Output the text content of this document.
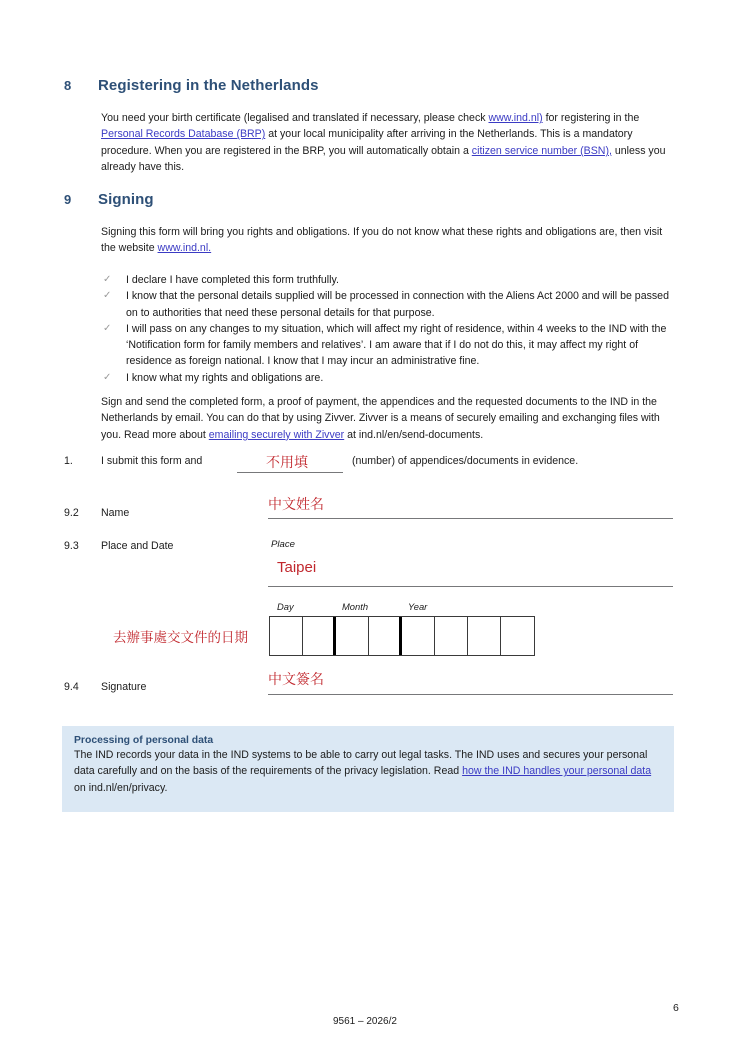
8	Registering in the Netherlands
You need your birth certificate (legalised and translated if necessary, please check www.ind.nl) for registering in the Personal Records Database (BRP) at your local municipality after arriving in the Netherlands. This is a mandatory procedure. When you are registered in the BRP, you will automatically obtain a citizen service number (BSN), unless you already have this.
9	Signing
Signing this form will bring you rights and obligations. If you do not know what these rights and obligations are, then visit the website www.ind.nl.
✓	I declare I have completed this form truthfully.
✓	I know that the personal details supplied will be processed in connection with the Aliens Act 2000 and will be passed on to authorities that need these personal details for that purpose.
✓	I will pass on any changes to my situation, which will affect my right of residence, within 4 weeks to the IND with the ‘Notification form for family members and relatives’. I am aware that if I do not do this, it may affect my right of residence as foreign national. I know that I may incur an administrative fine.
✓	I know what my rights and obligations are.
Sign and send the completed form, a proof of payment, the appendices and the requested documents to the IND in the Netherlands by email. You can do that by using Zivver. Zivver is a means of securely emailing and exchanging files with you. Read more about emailing securely with Zivver at ind.nl/en/send-documents.
1.	I submit this form and	不用填	(number) of appendices/documents in evidence.
9.2 Name	中文姓名
9.3 Place and Date	Place
Taipei
Day	Month	Year
去辦事處交文件的日期
9.4 Signature	中文簽名
Processing of personal data
The IND records your data in the IND systems to be able to carry out legal tasks. The IND uses and secures your personal data carefully and on the basis of the requirements of the privacy legislation. Read how the IND handles your personal data on ind.nl/en/privacy.
6
9561 – 2026/2
